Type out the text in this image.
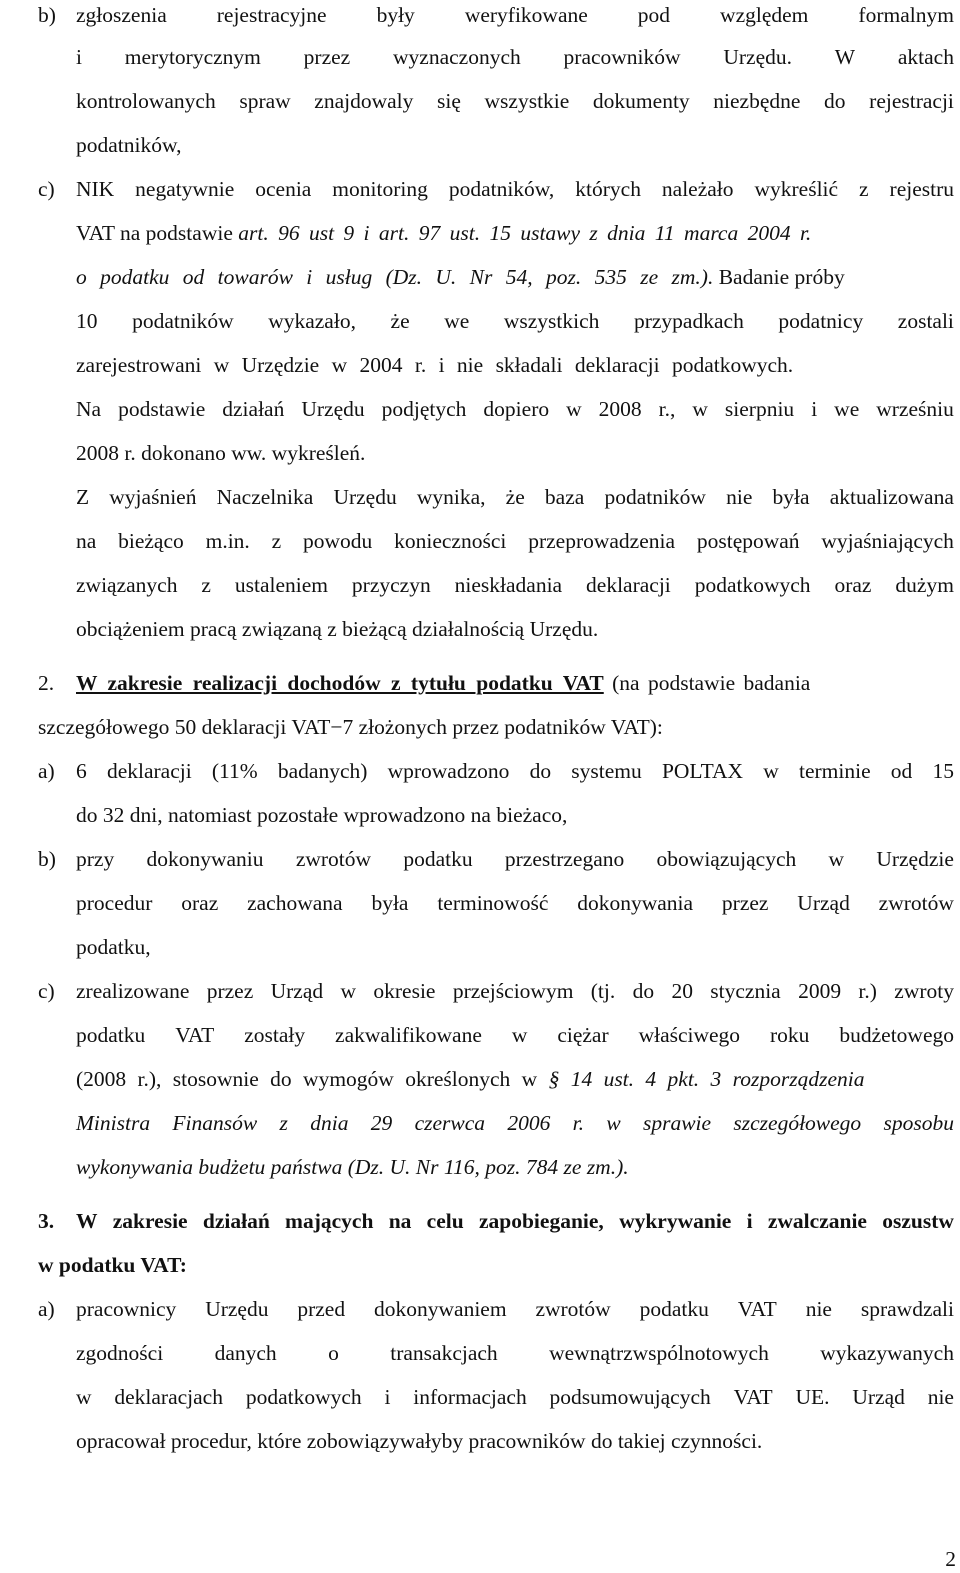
b) zgłoszenia rejestracyjne były weryfikowane pod względem formalnym
i merytorycznym przez wyznaczonych pracowników Urzędu. W aktach
kontrolowanych spraw znajdowaly się wszystkie dokumenty niezbędne do rejestracji
podatników,
c) NIK negatywnie ocenia monitoring podatników, których należało wykreślić z rejestru
VAT na podstawie art. 96 ust 9 i art. 97 ust. 15 ustawy z dnia 11 marca 2004 r.
o podatku od towarów i usług (Dz. U. Nr 54, poz. 535 ze zm.). Badanie próby
10 podatników wykazało, że we wszystkich przypadkach podatnicy zostali
zarejestrowani w Urzędzie w 2004 r. i nie składali deklaracji podatkowych.
Na podstawie działań Urzędu podjętych dopiero w 2008 r., w sierpniu i we wrześniu
2008 r. dokonano ww. wykreśleń.
Z wyjaśnień Naczelnika Urzędu wynika, że baza podatników nie była aktualizowana
na bieżąco m.in. z powodu konieczności przeprowadzenia postępowań wyjaśniających
związanych z ustaleniem przyczyn nieskładania deklaracji podatkowych oraz dużym
obciążeniem pracą związaną z bieżącą działalnością Urzędu.
2.	W zakresie realizacji dochodów z tytułu podatku VAT (na podstawie badania
szczegółowego 50 deklaracji VAT−7 złożonych przez podatników VAT):
a) 6 deklaracji (11% badanych) wprowadzono do systemu POLTAX w terminie od 15
do 32 dni, natomiast pozostałe wprowadzono na bieżaco,
b) przy dokonywaniu zwrotów podatku przestrzegano obowiązujących w Urzędzie
procedur oraz zachowana była terminowość dokonywania przez Urząd zwrotów
podatku,
c) zrealizowane przez Urząd w okresie przejściowym (tj. do 20 stycznia 2009 r.) zwroty
podatku VAT zostały zakwalifikowane w ciężar właściwego roku budżetowego
(2008 r.), stosownie do wymogów określonych w § 14 ust. 4 pkt. 3 rozporządzenia
Ministra Finansów z dnia 29 czerwca 2006 r. w sprawie szczegółowego sposobu
wykonywania budżetu państwa (Dz. U. Nr 116, poz. 784 ze zm.).
3. W zakresie działań mających na celu zapobieganie, wykrywanie i zwalczanie oszustw
w podatku VAT:
a) pracownicy Urzędu przed dokonywaniem zwrotów podatku VAT nie sprawdzali
zgodności danych o transakcjach wewnątrzwspólnotowych wykazywanych
w deklaracjach podatkowych i informacjach podsumowujących VAT UE. Urząd nie
opracował procedur, które zobowiązywałyby pracowników do takiej czynności.
2
